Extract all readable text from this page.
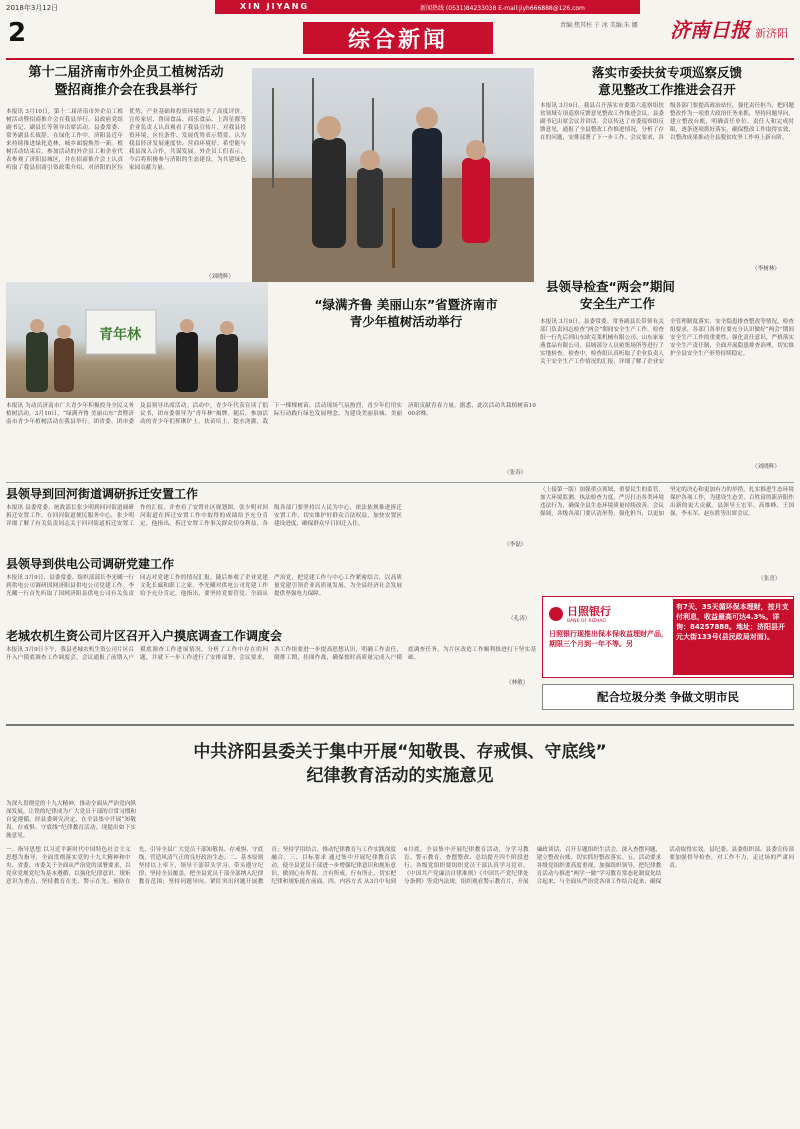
2018年3月12日	XIN JIYANG	新闻热线 (0531)84233038 E-mail:jiyh666888@126.com
责编:焦其柱 于 冰 美编:朱 娜 济南日报 新济阳
2	综合新闻
第十二届济南市外企员工植树活动
暨招商推介会在我县举行
本报讯 3月10日，第十二届济南市外企员工植树活动暨招商推介会在我县举行。县政府党组副书记、副县长等领导出席活动。县委常委、常务副县长致辞。在绿化工作中，济阳县近年来持续推进绿化造林，城乡面貌焕然一新。植树活动结束后，参加活动的外企员工和企业代表参观了济阳县城区，并在招商推介会上认真听取了我县招商引资政策介绍，对济阳的区位优势、产业基础和投资环境给予了高度评价。宣传家居、鲁园食品、商乐食品、上海星都等企业负责人认真观看了我县宣传片，对我县投资环境、区位条件、发展优势表示赞赏。认为我县经济发展速度快、营商环境好，希望能与我县深入合作，共谋发展。外企员工们表示，今后将积极参与济阳的生态建设，为共建绿色家园贡献力量。
（刘晓辉）
落实市委扶贫专项巡察反馈
意见整改工作推进会召开
本报讯 3月9日，我县召开落实市委第六巡察组扶贫领域专项巡察反馈意见整改工作推进会议。县委副书记出席会议并讲话。会议传达了市委巡察组反馈意见，通报了全县整改工作推进情况，分析了存在的问题，安排部署了下一步工作。会议要求，各级各部门要提高政治站位，强化责任担当，把问题整改作为一项重大政治任务来抓，坚持问题导向，建立整改台账，明确责任单位、责任人和完成时限，逐条逐项抓好落实，确保整改工作取得实效，以整改成果推动全县脱贫攻坚工作再上新台阶。
（李树林）
青年林
“绿满齐鲁 美丽山东”省暨济南市
青少年植树活动举行
本报讯 为动员济南市广大青少年积极投身全民义务植树活动，3月10日，“绿满齐鲁 美丽山东”省暨济南市青少年植树活动在我县举行。团省委、团市委及县领导出席活动。活动中，青少年代表宣读了倡议书，团市委领导为“青年林”揭牌。随后，参加活动的青少年们挥锹铲土、扶苗培土、提水浇灌，栽下一棵棵树苗。活动现场气氛热烈，青少年们用实际行动践行绿色发展理念，为建设美丽泉城、美丽济阳贡献青春力量。据悉，此次活动共栽植树苗1000余株。
（张春）
县领导检查“两会”期间
安全生产工作
本报讯 3月9日，县委常委、常务副县长带领有关部门负责同志检查“两会”期间安全生产工作。检查组一行先后到山东欧克莱机械有限公司、山东家家燕食品有限公司、县城部分人员密集场所等进行了实地检查。检查中，检查组认真听取了企业负责人关于安全生产工作情况的汇报，详细了解了企业安全管理制度落实、安全隐患排查整改等情况。检查组要求，各部门各单位要充分认识做好“两会”期间安全生产工作的重要性，强化责任意识，严格落实安全生产责任制，全面开展隐患排查治理，切实维护全县安全生产形势持续稳定。
（刘晓辉）
县领导到回河街道调研拆迁安置工作
本报讯 县委常委、统战部长张少明到回河街道调研拆迁安置工作。在回河街道便民服务中心，张少明详细了解了有关负责同志关于回河街道拆迁安置工作的汇报，并查看了安置社区规划图。张少明对回河街道在拆迁安置工作中取得的成绩给予充分肯定，他指出，拆迁安置工作事关群众切身利益，各级各部门要坚持以人民为中心，依法依规推进拆迁安置工作，切实维护好群众合法权益，加快安置区建设进度，确保群众早日回迁入住。
（李磊）
县领导到供电公司调研党建工作
本报讯 3月9日，县委常委、组织部部长李光曦一行到供电公司调研国网济阳县供电公司党建工作。李光曦一行首先听取了国网济阳县供电公司有关负责同志对党建工作的情况汇报，随后参观了企业党建文化长廊和职工之家。李光曦对供电公司党建工作给予充分肯定，他指出，要坚持党要管党、全面从严治党，把党建工作与中心工作紧密结合，以高质量党建引领企业高质量发展，为全县经济社会发展提供坚强电力保障。
（孔涛）
老城农机生资公司片区召开入户摸底调查工作调度会
本报讯 3月9日下午，我县老城农机生资公司片区召开入户摸底调查工作调度会。会议通报了前期入户摸底调查工作进展情况，分析了工作中存在的问题，并就下一步工作进行了安排部署。会议要求，各工作组要进一步提高思想认识，明确工作责任，倒排工期，挂图作战，确保按时高质量完成入户摸底调查任务，为片区改造工作顺利推进打下坚实基础。
（林敏）
（上接第一版）加强重点领域、重要民生的监管，加大环境监测、执法检查力度，严厉打击各类环境违法行为，确保全县生态环境质量持续改善。会议强调，各级各部门要认清形势、强化担当，以更加坚定的决心和更加有力的举措，扎实推进生态环境保护各项工作，为建设生态美、百姓富的新济阳作出新的更大贡献。县领导王宏军、高维峰、王国强、李永军、赵东胜等出席会议。
（张喜）
日照银行
BANK OF RIZHAO
日照银行现推出保本保收益理财产品，期限三个月到一年不等。另
有7天、35天循环保本理财，按月支付利息，收益最高可达4.3%。详询：84257888。地址：济阳县开元大街133号(县民政局对面)。
配合垃圾分类 争做文明市民
中共济阳县委关于集中开展“知敬畏、存戒惧、守底线”
纪律教育活动的实施意见
为深入贯彻党的十九大精神，推动全面从严治党向纵深发展，让铁的纪律成为广大党员干部的日常习惯和自觉遵循，经县委研究决定，在全县集中开展“知敬畏、存戒惧、守底线”纪律教育活动。现提出如下实施意见。
一、指导思想 以习近平新时代中国特色社会主义思想为指导，全面贯彻落实党的十九大精神和中央、省委、市委关于全面从严治党的部署要求，以党章党规党纪为基本遵循，以强化纪律意识、规矩意识为重点，坚持教育在先、警示在先、预防在先，引导全县广大党员干部知敬畏、存戒惧、守底线，营造风清气正的良好政治生态。二、基本原则 坚持以上率下，领导干部带头学习、带头遵守纪律；坚持全员覆盖，把全县党员干部全部纳入纪律教育范围；坚持问题导向，紧盯突出问题开展教育；坚持学用结合，推动纪律教育与工作实践深度融合。三、目标要求 通过集中开展纪律教育活动，使全县党员干部进一步增强纪律意识和规矩意识，做到心有所畏、言有所戒、行有所止，切实把纪律和规矩挺在前面。四、内容方式 从3月中旬到6月底，全县集中开展纪律教育活动，分学习教育、警示教育、查摆整改、总结提升四个阶段进行。各级党组织要组织党员干部认真学习党章、《中国共产党廉洁自律准则》《中国共产党纪律处分条例》等党内法规，组织观看警示教育片，开展廉政谈话，召开专题组织生活会，深入查摆问题，建立整改台账，切实抓好整改落实。五、活动要求 各级党组织要高度重视，加强组织领导，把纪律教育活动与推进“两学一做”学习教育常态化制度化结合起来，与全面从严治党各项工作结合起来，确保活动取得实效。县纪委、县委组织部、县委宣传部要加强督导检查，对工作不力、走过场的严肃问责。
